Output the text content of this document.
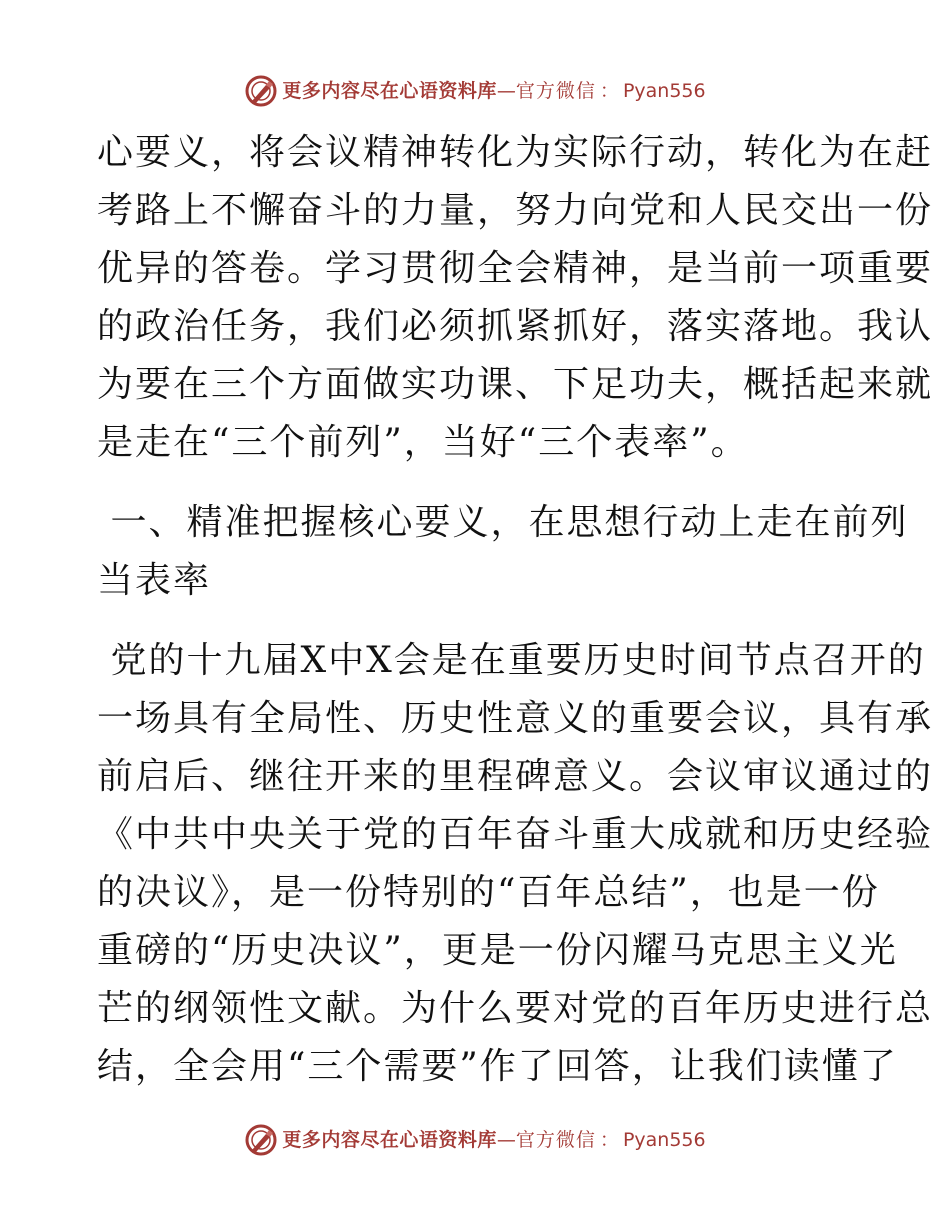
更多内容尽在心语资料库 — 官方微信 ： Pyan556
心要义，将会议精神转化为实际行动，转化为在赶
考路上不懈奋斗的力量，努力向党和人民交出一份
优异的答卷。学习贯彻全会精神，是当前一项重要
的政治任务，我们必须抓紧抓好，落实落地。我认
为要在三个方面做实功课、下足功夫，概括起来就
是走在“三个前列”，当好“三个表率”。
一、精准把握核心要义，在思想行动上走在前列
当表率
党的十九届X中X会是在重要历史时间节点召开的
一场具有全局性、历史性意义的重要会议，具有承
前启后、继往开来的里程碑意义。会议审议通过的
《中共中央关于党的百年奋斗重大成就和历史经验
的决议》，是一份特别的“百年总结”，也是一份
重磅的“历史决议”，更是一份闪耀马克思主义光
芒的纲领性文献。为什么要对党的百年历史进行总
结，全会用“三个需要”作了回答，让我们读懂了
更多内容尽在心语资料库 — 官方微信 ： Pyan556
